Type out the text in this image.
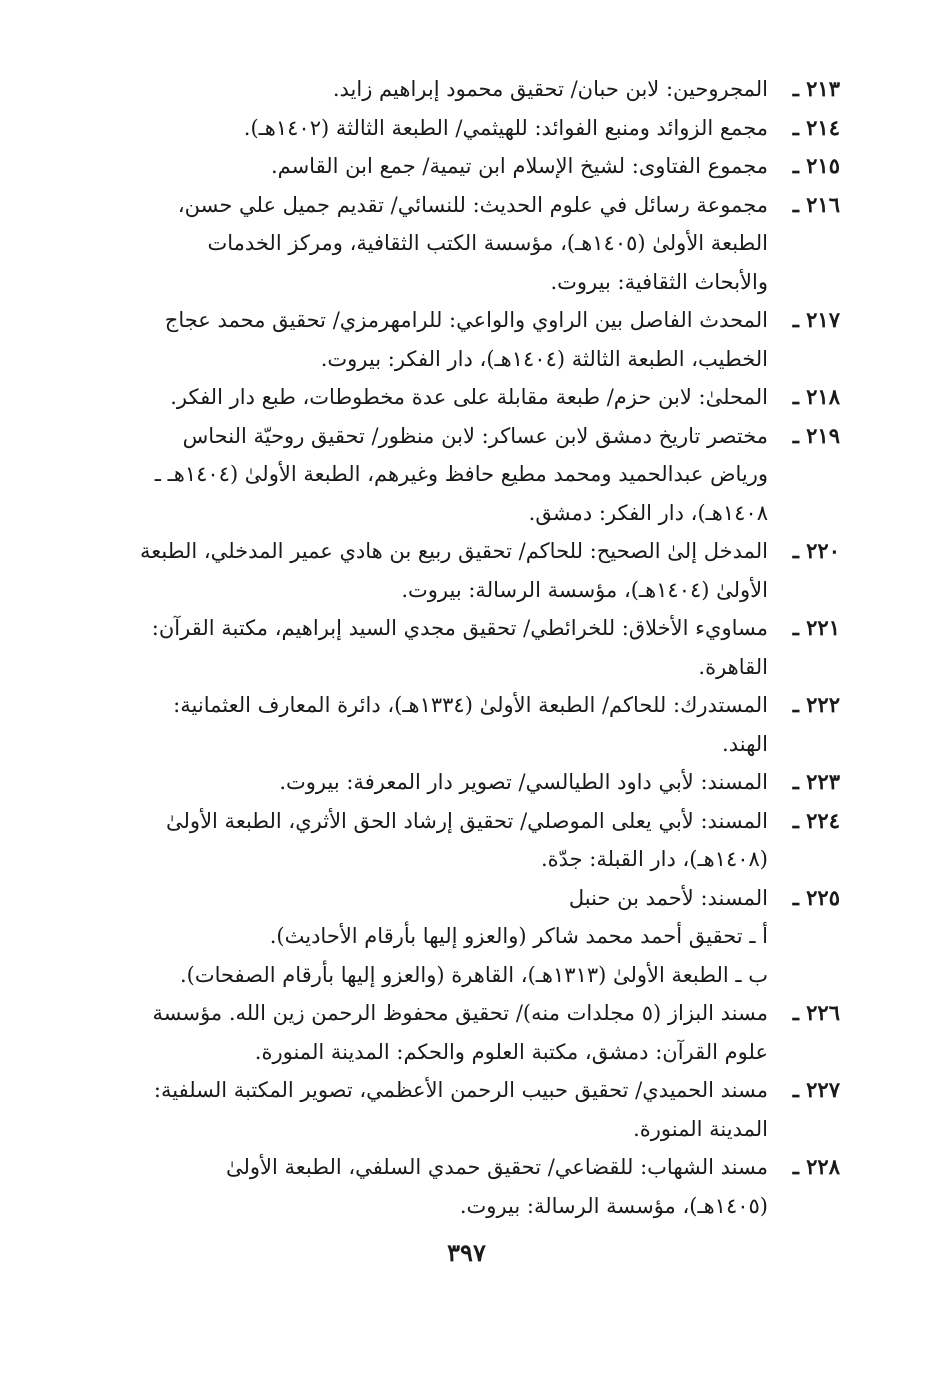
٢١٣ ـ
المجروحين: لابن حبان/ تحقيق محمود إبراهيم زايد.
٢١٤ ـ
مجمع الزوائد ومنبع الفوائد: للهيثمي/ الطبعة الثالثة (١٤٠٢هـ).
٢١٥ ـ
مجموع الفتاوى: لشيخ الإسلام ابن تيمية/ جمع ابن القاسم.
٢١٦ ـ
مجموعة رسائل في علوم الحديث: للنسائي/ تقديم جميل علي حسن، الطبعة الأولىٰ (١٤٠٥هـ)، مؤسسة الكتب الثقافية، ومركز الخدمات والأبحاث الثقافية: بيروت.
٢١٧ ـ
المحدث الفاصل بين الراوي والواعي: للرامهرمزي/ تحقيق محمد عجاج الخطيب، الطبعة الثالثة (١٤٠٤هـ)، دار الفكر: بيروت.
٢١٨ ـ
المحلىٰ: لابن حزم/ طبعة مقابلة على عدة مخطوطات، طبع دار الفكر.
٢١٩ ـ
مختصر تاريخ دمشق لابن عساكر: لابن منظور/ تحقيق روحيّة النحاس ورياض عبدالحميد ومحمد مطيع حافظ وغيرهم، الطبعة الأولىٰ (١٤٠٤هـ ـ ١٤٠٨هـ)، دار الفكر: دمشق.
٢٢٠ ـ
المدخل إلىٰ الصحيح: للحاكم/ تحقيق ربيع بن هادي عمير المدخلي، الطبعة الأولىٰ (١٤٠٤هـ)، مؤسسة الرسالة: بيروت.
٢٢١ ـ
مساويء الأخلاق: للخرائطي/ تحقيق مجدي السيد إبراهيم، مكتبة القرآن: القاهرة.
٢٢٢ ـ
المستدرك: للحاكم/ الطبعة الأولىٰ (١٣٣٤هـ)، دائرة المعارف العثمانية: الهند.
٢٢٣ ـ
المسند: لأبي داود الطيالسي/ تصوير دار المعرفة: بيروت.
٢٢٤ ـ
المسند: لأبي يعلى الموصلي/ تحقيق إرشاد الحق الأثري، الطبعة الأولىٰ (١٤٠٨هـ)، دار القبلة: جدّة.
٢٢٥ ـ
المسند: لأحمد بن حنبل
أ ـ تحقيق أحمد محمد شاكر (والعزو إليها بأرقام الأحاديث).
ب ـ الطبعة الأولىٰ (١٣١٣هـ)، القاهرة (والعزو إليها بأرقام الصفحات).
٢٢٦ ـ
مسند البزاز (٥ مجلدات منه)/ تحقيق محفوظ الرحمن زين الله. مؤسسة علوم القرآن: دمشق، مكتبة العلوم والحكم: المدينة المنورة.
٢٢٧ ـ
مسند الحميدي/ تحقيق حبيب الرحمن الأعظمي، تصوير المكتبة السلفية: المدينة المنورة.
٢٢٨ ـ
مسند الشهاب: للقضاعي/ تحقيق حمدي السلفي، الطبعة الأولىٰ (١٤٠٥هـ)، مؤسسة الرسالة: بيروت.
٣٩٧
